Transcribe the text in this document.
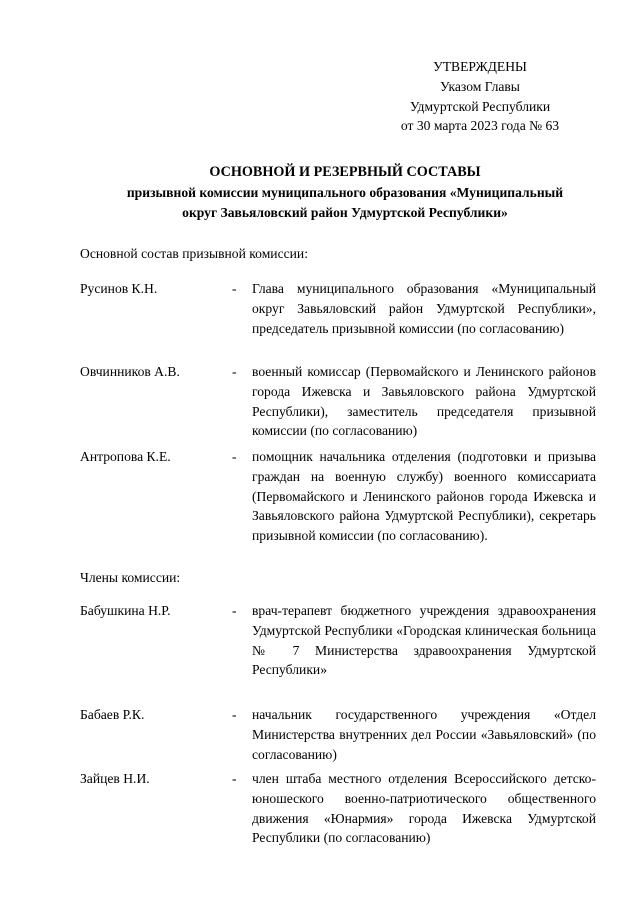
УТВЕРЖДЕНЫ
Указом Главы
Удмуртской Республики
от 30 марта 2023 года № 63
ОСНОВНОЙ И РЕЗЕРВНЫЙ СОСТАВЫ
призывной комиссии муниципального образования «Муниципальный
округ Завьяловский район Удмуртской Республики»
Основной состав призывной комиссии:
Русинов К.Н.	-	Глава муниципального образования «Муниципальный округ Завьяловский район Удмуртской Республики», председатель призывной комиссии (по согласованию)
Овчинников А.В.	-	военный комиссар (Первомайского и Ленинского районов города Ижевска и Завьяловского района Удмуртской Республики), заместитель председателя призывной комиссии (по согласованию)
Антропова К.Е.	-	помощник начальника отделения (подготовки и призыва граждан на военную службу) военного комиссариата (Первомайского и Ленинского районов города Ижевска и Завьяловского района Удмуртской Республики), секретарь призывной комиссии (по согласованию).
Члены комиссии:
Бабушкина Н.Р.	-	врач-терапевт бюджетного учреждения здравоохранения Удмуртской Республики «Городская клиническая больница № 7 Министерства здравоохранения Удмуртской Республики»
Бабаев Р.К.	-	начальник государственного учреждения «Отдел Министерства внутренних дел России «Завьяловский» (по согласованию)
Зайцев Н.И.	-	член штаба местного отделения Всероссийского детско-юношеского военно-патриотического общественного движения «Юнармия» города Ижевска Удмуртской Республики (по согласованию)
